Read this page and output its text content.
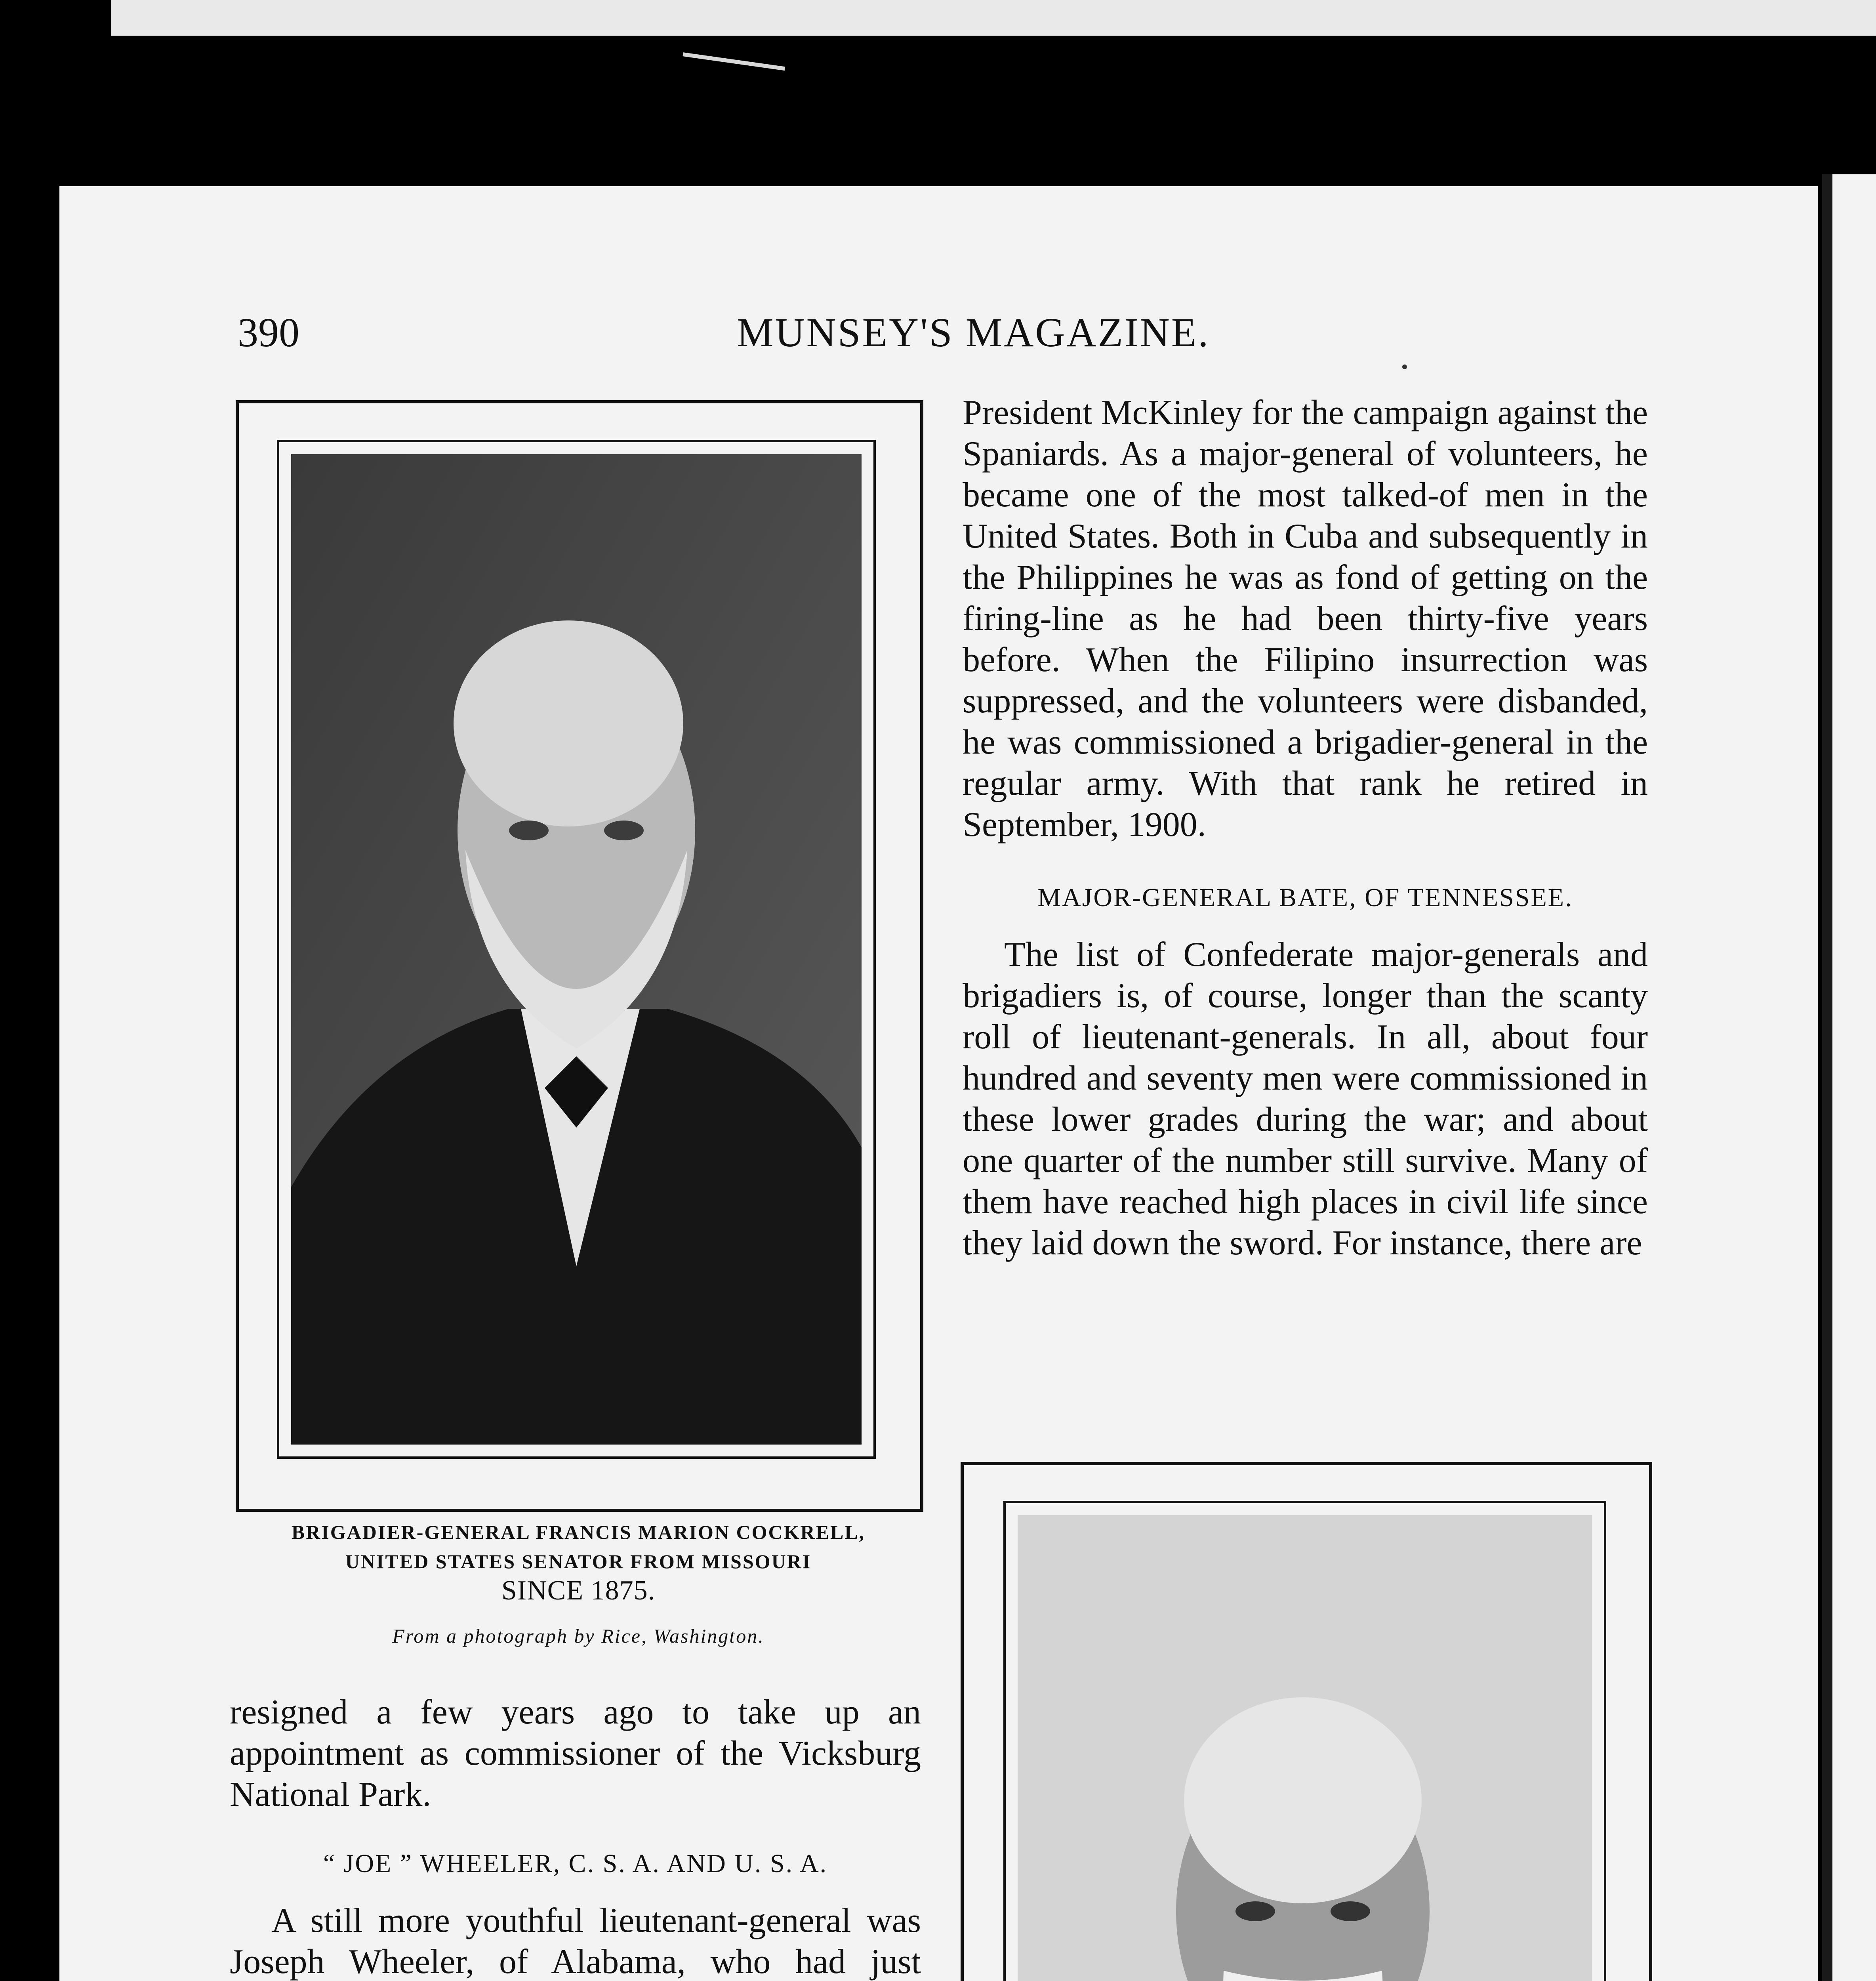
390	MUNSEY'S MAGAZINE.
BRIGADIER-GENERAL FRANCIS MARION COCKRELL,
UNITED STATES SENATOR FROM MISSOURI
SINCE 1875.
From a photograph by Rice, Washington.

President McKinley for the campaign against the Spaniards. As a major-general of volunteers, he became one of the most talked-of men in the United States. Both in Cuba and subsequently in the Philippines he was as fond of getting on the firing-line as he had been thirty-five years before. When the Filipino insurrection was suppressed, and the volunteers were disbanded, he was commissioned a brigadier-general in the regular army. With that rank he retired in September, 1900.

MAJOR-GENERAL BATE, OF TENNESSEE.

The list of Confederate major-generals and brigadiers is, of course, longer than the scanty roll of lieutenant-generals. In all, about four hundred and seventy men were commissioned in these lower grades during the war; and about one quarter of the number still survive. Many of them have reached high places in civil life since they laid down the sword. For instance, there are

resigned a few years ago to take up an appointment as commissioner of the Vicksburg National Park.

“ JOE ” WHEELER, C. S. A. AND U. S. A.

A still more youthful lieutenant-general was Joseph Wheeler, of Alabama, who had just
